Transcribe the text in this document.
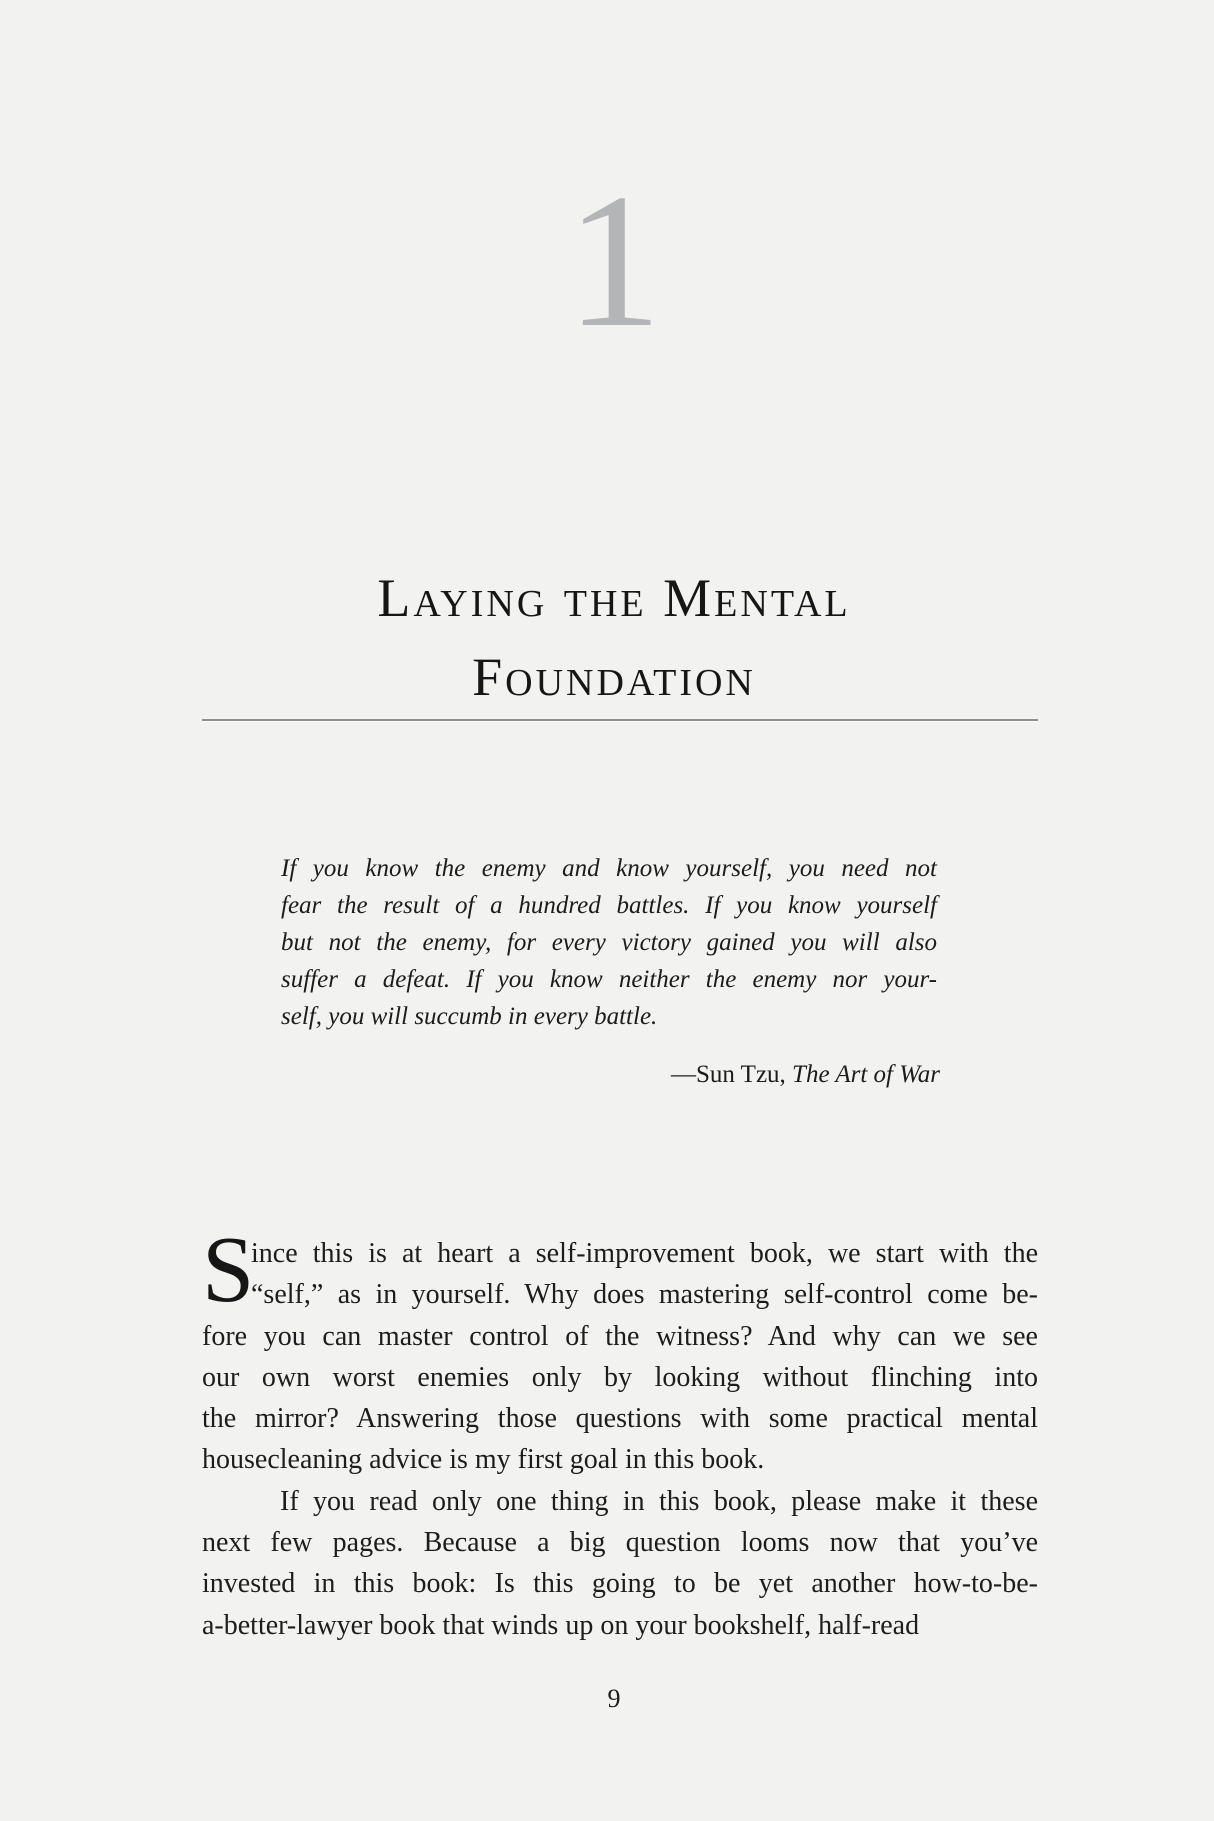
1
Laying the Mental
Foundation
If you know the enemy and know yourself, you need not
fear the result of a hundred battles. If you know yourself
but not the enemy, for every victory gained you will also
suffer a defeat. If you know neither the enemy nor your-
self, you will succumb in every battle.
—Sun Tzu, The Art of War
S
ince this is at heart a self-improvement book, we start with the
“self,” as in yourself. Why does mastering self-control come be-
fore you can master control of the witness? And why can we see
our own worst enemies only by looking without flinching into
the mirror? Answering those questions with some practical mental
housecleaning advice is my first goal in this book.
If you read only one thing in this book, please make it these
next few pages. Because a big question looms now that you’ve
invested in this book: Is this going to be yet another how-to-be-
a-better-lawyer book that winds up on your bookshelf, half-read
9
